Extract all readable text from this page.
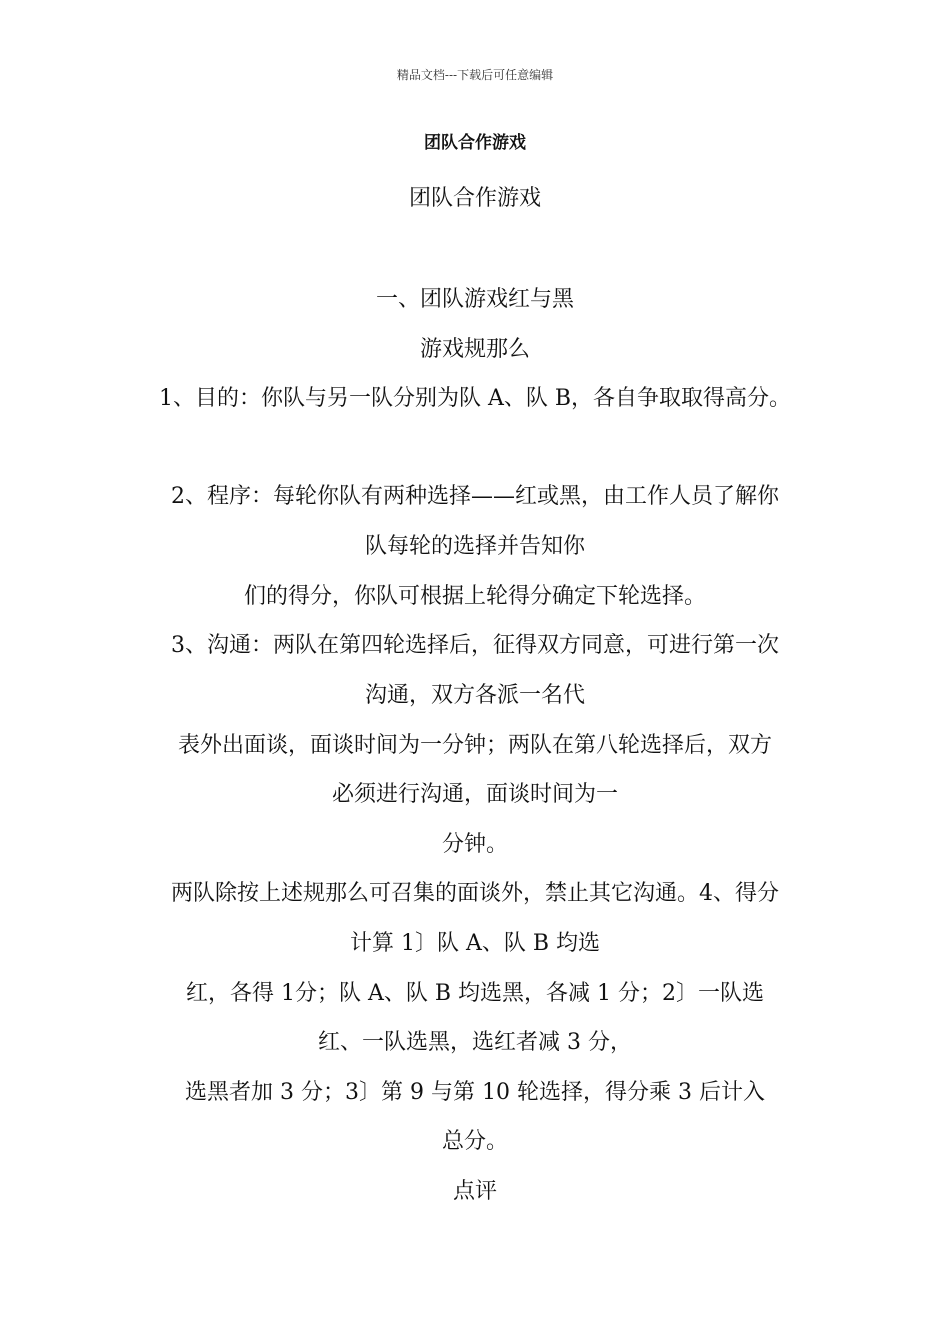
精品文档---下载后可任意编辑
团队合作游戏
团队合作游戏
一、团队游戏红与黑
游戏规那么
1、目的：你队与另一队分别为队 A、队 B，各自争取取得高分。
2、程序：每轮你队有两种选择——红或黑，由工作人员了解你
队每轮的选择并告知你
们的得分，你队可根据上轮得分确定下轮选择。
3、沟通：两队在第四轮选择后，征得双方同意，可进行第一次
沟通，双方各派一名代
表外出面谈，面谈时间为一分钟；两队在第八轮选择后，双方
必须进行沟通，面谈时间为一
分钟。
两队除按上述规那么可召集的面谈外，禁止其它沟通。4、得分
计算 1〕队 A、队 B 均选
红，各得 1分；队 A、队 B 均选黑，各减 1 分；2〕一队选
红、一队选黑，选红者减 3 分，
选黑者加 3 分；3〕第 9 与第 10 轮选择，得分乘 3 后计入
总分。
点评
